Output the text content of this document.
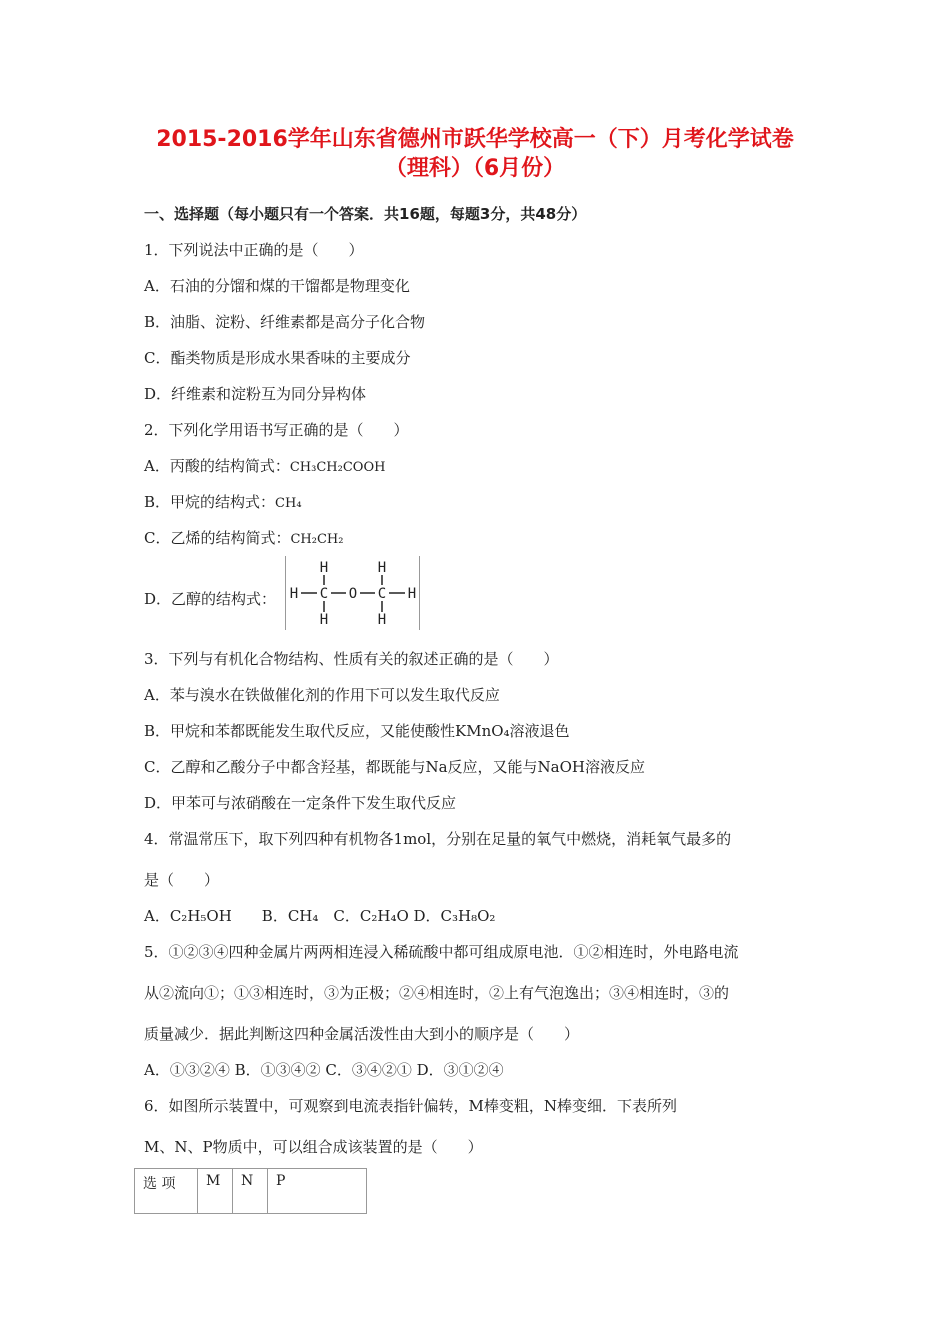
2015-2016学年山东省德州市跃华学校高一（下）月考化学试卷
（理科）（6月份）
一、选择题（每小题只有一个答案．共16题，每题3分，共48分）
1．下列说法中正确的是（　　）
A．石油的分馏和煤的干馏都是物理变化
B．油脂、淀粉、纤维素都是高分子化合物
C．酯类物质是形成水果香味的主要成分
D．纤维素和淀粉互为同分异构体
2．下列化学用语书写正确的是（　　）
A．丙酸的结构简式：CH₃CH₂COOH
B．甲烷的结构式：CH₄
C．乙烯的结构简式：CH₂CH₂
D．乙醇的结构式：
H	H
H C O C H
H	H
3．下列与有机化合物结构、性质有关的叙述正确的是（　　）
A．苯与溴水在铁做催化剂的作用下可以发生取代反应
B．甲烷和苯都既能发生取代反应，又能使酸性KMnO₄溶液退色
C．乙醇和乙酸分子中都含羟基，都既能与Na反应，又能与NaOH溶液反应
D．甲苯可与浓硝酸在一定条件下发生取代反应
4．常温常压下，取下列四种有机物各1mol，分别在足量的氧气中燃烧，消耗氧气最多的
是（　　）
A．C₂H₅OH　　B．CH₄　C．C₂H₄O D．C₃H₈O₂
5．①②③④四种金属片两两相连浸入稀硫酸中都可组成原电池．①②相连时，外电路电流
从②流向①；①③相连时，③为正极；②④相连时，②上有气泡逸出；③④相连时，③的
质量减少．据此判断这四种金属活泼性由大到小的顺序是（　　）
A．①③②④ B．①③④② C．③④②① D．③①②④
6．如图所示装置中，可观察到电流表指针偏转，M棒变粗，N棒变细．下表所列
M、N、P物质中，可以组合成该装置的是（　　）
选 项	M	N	P
